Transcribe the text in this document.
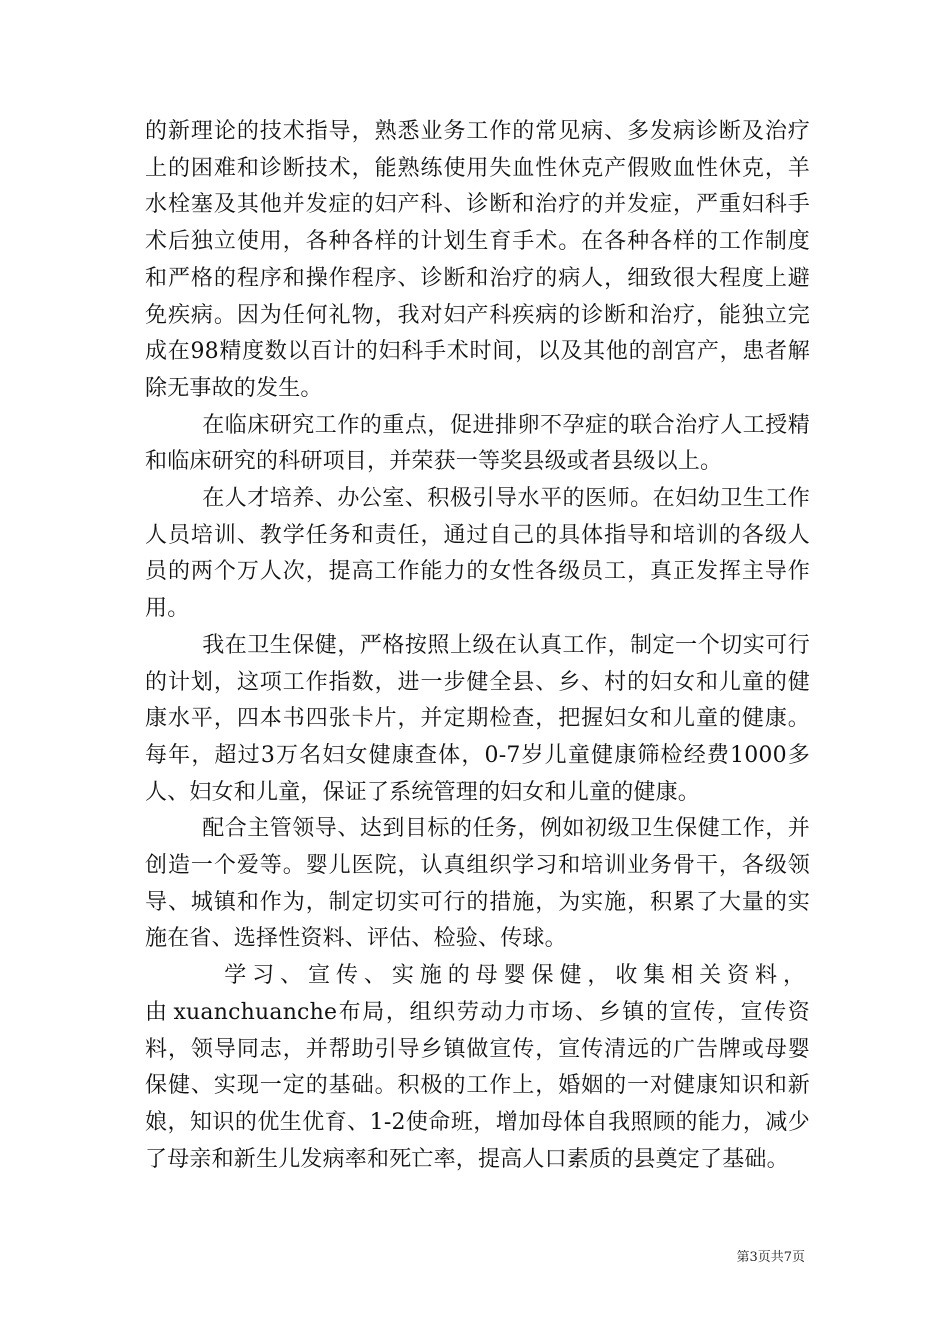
的新理论的技术指导，熟悉业务工作的常见病、多发病诊断及治疗上的困难和诊断技术，能熟练使用失血性休克产假败血性休克，羊水栓塞及其他并发症的妇产科、诊断和治疗的并发症，严重妇科手术后独立使用，各种各样的计划生育手术。在各种各样的工作制度和严格的程序和操作程序、诊断和治疗的病人，细致很大程度上避免疾病。因为任何礼物，我对妇产科疾病的诊断和治疗，能独立完成在98精度数以百计的妇科手术时间，以及其他的剖宫产，患者解除无事故的发生。

在临床研究工作的重点，促进排卵不孕症的联合治疗人工授精和临床研究的科研项目，并荣获一等奖县级或者县级以上。

在人才培养、办公室、积极引导水平的医师。在妇幼卫生工作人员培训、教学任务和责任，通过自己的具体指导和培训的各级人员的两个万人次，提高工作能力的女性各级员工，真正发挥主导作用。

我在卫生保健，严格按照上级在认真工作，制定一个切实可行的计划，这项工作指数，进一步健全县、乡、村的妇女和儿童的健康水平，四本书四张卡片，并定期检查，把握妇女和儿童的健康。每年，超过3万名妇女健康查体，0-7岁儿童健康筛检经费1000多人、妇女和儿童，保证了系统管理的妇女和儿童的健康。

配合主管领导、达到目标的任务，例如初级卫生保健工作，并创造一个爱等。婴儿医院，认真组织学习和培训业务骨干，各级领导、城镇和作为，制定切实可行的措施，为实施，积累了大量的实施在省、选择性资料、评估、检验、传球。

学习、宣传、实施的母婴保健，收集相关资料，由xuanchuanche布局，组织劳动力市场、乡镇的宣传，宣传资料，领导同志，并帮助引导乡镇做宣传，宣传清远的广告牌或母婴保健、实现一定的基础。积极的工作上，婚姻的一对健康知识和新娘，知识的优生优育、1-2使命班，增加母体自我照顾的能力，减少了母亲和新生儿发病率和死亡率，提高人口素质的县奠定了基础。

第3页共7页
